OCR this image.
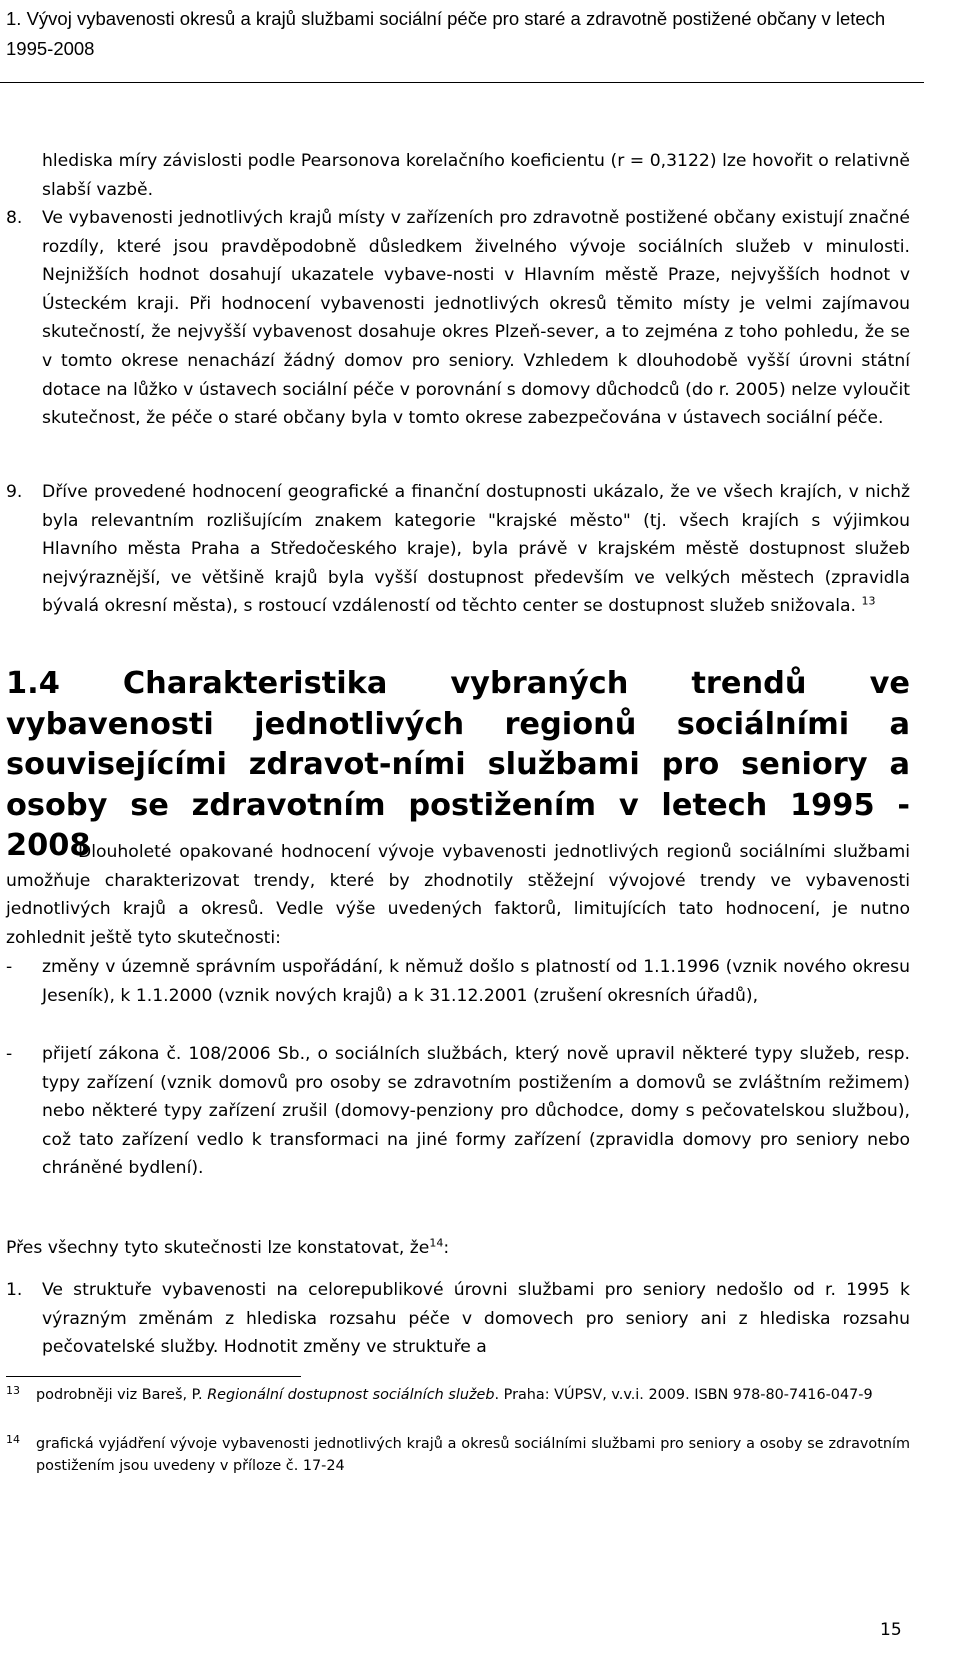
1. Vývoj vybavenosti okresů a krajů službami sociální péče pro staré a zdravotně postižené občany v letech 1995-2008
hlediska míry závislosti podle Pearsonova korelačního koeficientu (r = 0,3122) lze hovořit o relativně slabší vazbě.
8.	Ve vybavenosti jednotlivých krajů místy v zařízeních pro zdravotně postižené občany existují značné rozdíly, které jsou pravděpodobně důsledkem živelného vývoje sociálních služeb v minulosti. Nejnižších hodnot dosahují ukazatele vybave-nosti v Hlavním městě Praze, nejvyšších hodnot v Ústeckém kraji. Při hodnocení vybavenosti jednotlivých okresů těmito místy je velmi zajímavou skutečností, že nejvyšší vybavenost dosahuje okres Plzeň-sever, a to zejména z toho pohledu, že se v tomto okrese nenachází žádný domov pro seniory. Vzhledem k dlouhodobě vyšší úrovni státní dotace na lůžko v ústavech sociální péče v porovnání s domovy důchodců (do r. 2005) nelze vyloučit skutečnost, že péče o staré občany byla v tomto okrese zabezpečována v ústavech sociální péče.
9.	Dříve provedené hodnocení geografické a finanční dostupnosti ukázalo, že ve všech krajích, v nichž byla relevantním rozlišujícím znakem kategorie "krajské město" (tj. všech krajích s výjimkou Hlavního města Praha a Středočeského kraje), byla právě v krajském městě dostupnost služeb nejvýraznější, ve většině krajů byla vyšší dostupnost především ve velkých městech (zpravidla bývalá okresní města), s rostoucí vzdáleností od těchto center se dostupnost služeb snižovala. $^{13}$
1.4 Charakteristika vybraných trendů ve vybavenosti jednotlivých regionů sociálními a souvisejícími zdravot-ními službami pro seniory a osoby se zdravotním postižením v letech 1995 - 2008
Dlouholeté opakované hodnocení vývoje vybavenosti jednotlivých regionů sociálními službami umožňuje charakterizovat trendy, které by zhodnotily stěžejní vývojové trendy ve vybavenosti jednotlivých krajů a okresů. Vedle výše uvedených faktorů, limitujících tato hodnocení, je nutno zohlednit ještě tyto skutečnosti:
-	změny v územně správním uspořádání, k němuž došlo s platností od 1.1.1996 (vznik nového okresu Jeseník), k 1.1.2000 (vznik nových krajů) a k 31.12.2001 (zrušení okresních úřadů),
-	přijetí zákona č. 108/2006 Sb., o sociálních službách, který nově upravil některé typy služeb, resp. typy zařízení (vznik domovů pro osoby se zdravotním postižením a domovů se zvláštním režimem) nebo některé typy zařízení zrušil (domovy-penziony pro důchodce, domy s pečovatelskou službou), což tato zařízení vedlo k transformaci na jiné formy zařízení (zpravidla domovy pro seniory nebo chráněné bydlení).
Přes všechny tyto skutečnosti lze konstatovat, $že^{14}$:
1.	Ve struktuře vybavenosti na celorepublikové úrovni službami pro seniory nedošlo od r. 1995 k výrazným změnám z hlediska rozsahu péče v domovech pro seniory ani z hlediska rozsahu pečovatelské služby. Hodnotit změny ve struktuře a
13	podrobněji viz Bareš, P. Regionální dostupnost sociálních služeb. Praha: VÚPSV, v.v.i. 2009. ISBN 978-80-7416-047-9
14	grafická vyjádření vývoje vybavenosti jednotlivých krajů a okresů sociálními službami pro seniory a osoby se zdravotním postižením jsou uvedeny v příloze č. 17-24
15
